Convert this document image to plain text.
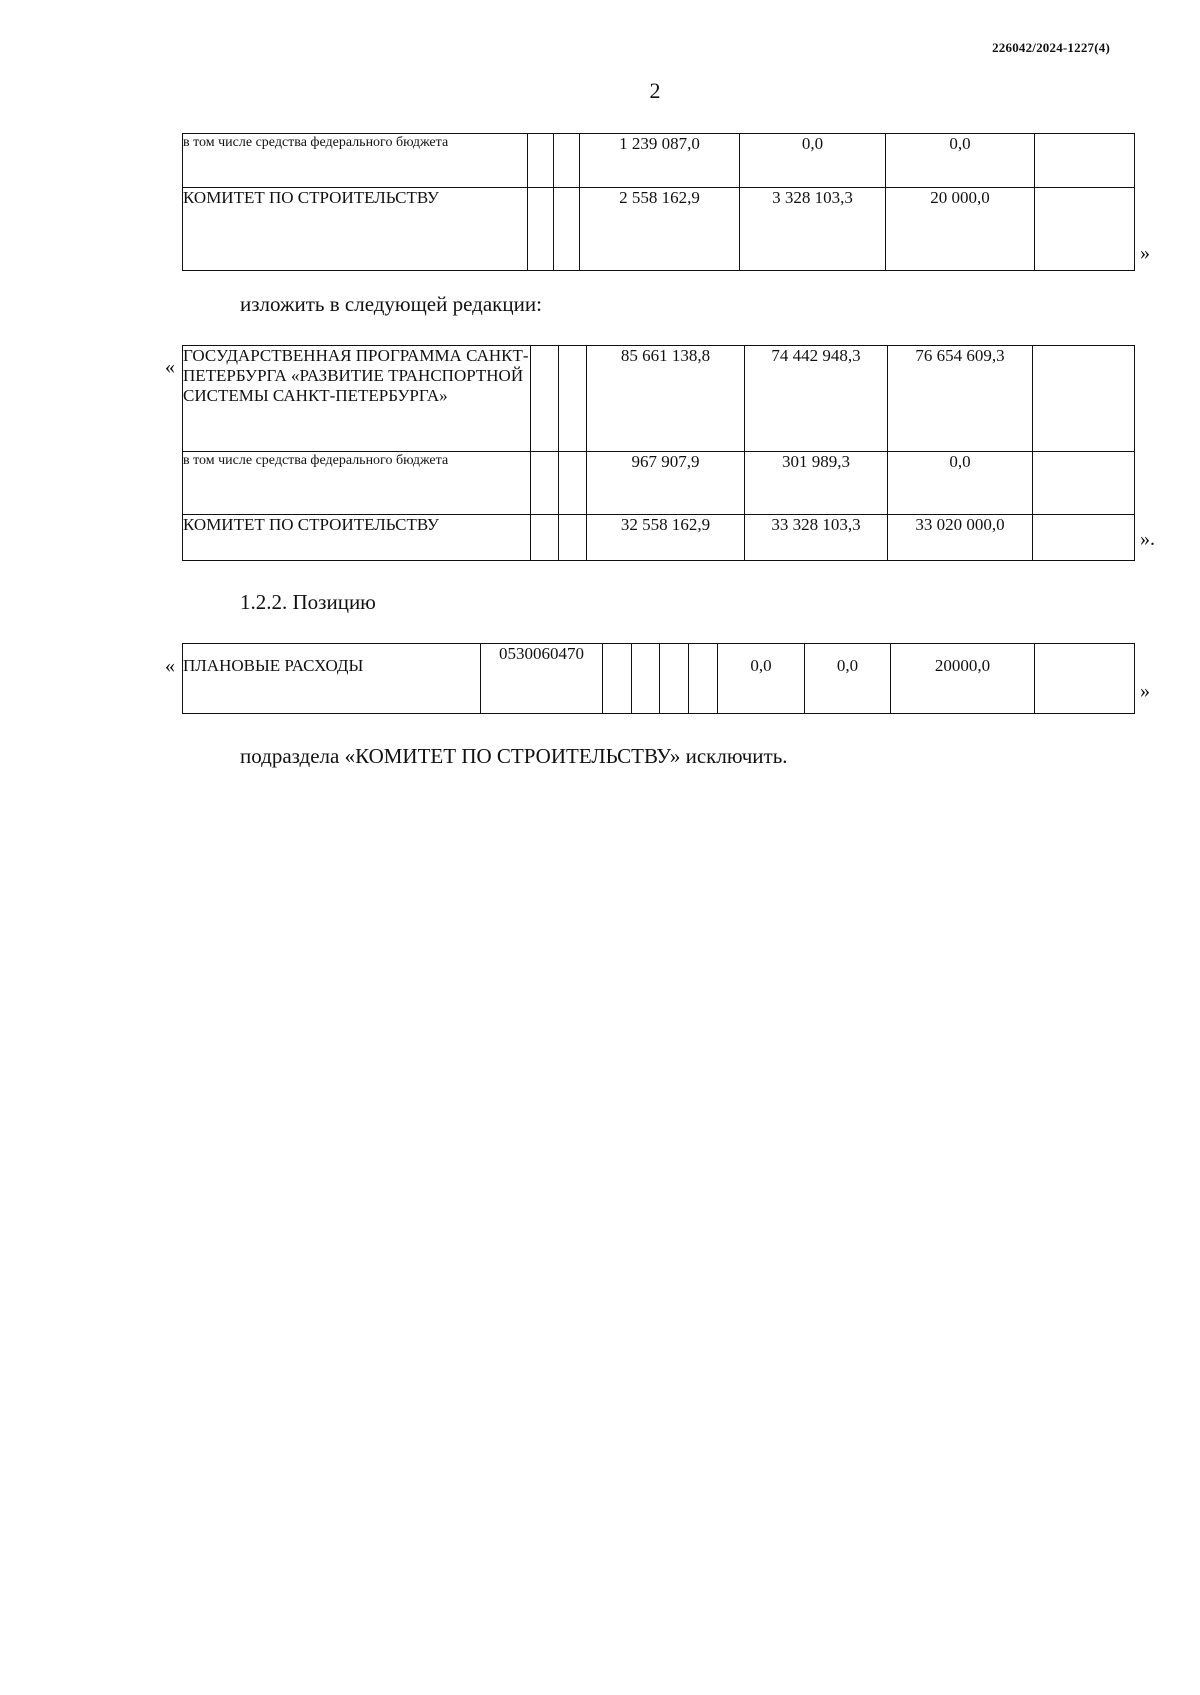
226042/2024-1227(4)
2
в том числе средства федерального бюджета			1 239 087,0	0,0	0,0	
КОМИТЕТ ПО СТРОИТЕЛЬСТВУ			2 558 162,9	3 328 103,3	20 000,0	
»
изложить в следующей редакции:
«
ГОСУДАРСТВЕННАЯ ПРОГРАММА САНКТ-ПЕТЕРБУРГА «РАЗВИТИЕ ТРАНСПОРТНОЙ СИСТЕМЫ САНКТ-ПЕТЕРБУРГА»			85 661 138,8	74 442 948,3	76 654 609,3	
в том числе средства федерального бюджета			967 907,9	301 989,3	0,0	
КОМИТЕТ ПО СТРОИТЕЛЬСТВУ			32 558 162,9	33 328 103,3	33 020 000,0	
».
1.2.2. Позицию
« ПЛАНОВЫЕ РАСХОДЫ	0530060470					0,0	0,0	20000,0	
»
подраздела «КОМИТЕТ ПО СТРОИТЕЛЬСТВУ» исключить.
